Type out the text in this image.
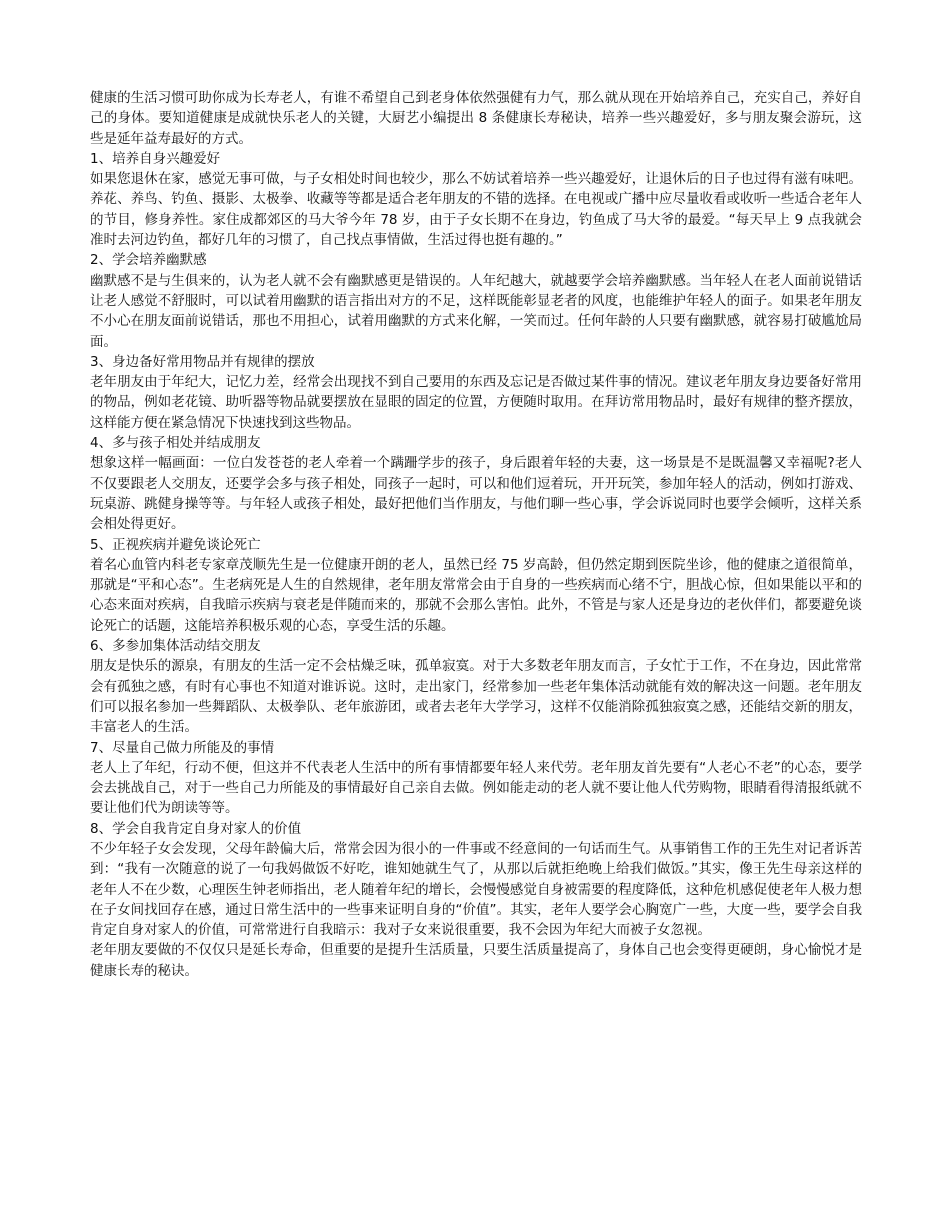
健康的生活习惯可助你成为长寿老人，有谁不希望自己到老身体依然强健有力气，那么就从现在开始培养自己，充实自己，养好自己的身体。要知道健康是成就快乐老人的关键，大厨艺小编提出 8 条健康长寿秘诀，培养一些兴趣爱好，多与朋友聚会游玩，这些是延年益寿最好的方式。

1、培养自身兴趣爱好

如果您退休在家，感觉无事可做，与子女相处时间也较少，那么不妨试着培养一些兴趣爱好，让退休后的日子也过得有滋有味吧。养花、养鸟、钓鱼、摄影、太极拳、收藏等等都是适合老年朋友的不错的选择。在电视或广播中应尽量收看或收听一些适合老年人的节目，修身养性。家住成都郊区的马大爷今年 78 岁，由于子女长期不在身边，钓鱼成了马大爷的最爱。“每天早上 9 点我就会准时去河边钓鱼，都好几年的习惯了，自己找点事情做，生活过得也挺有趣的。”

2、学会培养幽默感

幽默感不是与生俱来的，认为老人就不会有幽默感更是错误的。人年纪越大，就越要学会培养幽默感。当年轻人在老人面前说错话让老人感觉不舒服时，可以试着用幽默的语言指出对方的不足，这样既能彰显老者的风度，也能维护年轻人的面子。如果老年朋友不小心在朋友面前说错话，那也不用担心，试着用幽默的方式来化解，一笑而过。任何年龄的人只要有幽默感，就容易打破尴尬局面。

3、身边备好常用物品并有规律的摆放

老年朋友由于年纪大，记忆力差，经常会出现找不到自己要用的东西及忘记是否做过某件事的情况。建议老年朋友身边要备好常用的物品，例如老花镜、助听器等物品就要摆放在显眼的固定的位置，方便随时取用。在拜访常用物品时，最好有规律的整齐摆放，这样能方便在紧急情况下快速找到这些物品。

4、多与孩子相处并结成朋友

想象这样一幅画面：一位白发苍苍的老人牵着一个蹒跚学步的孩子，身后跟着年轻的夫妻，这一场景是不是既温馨又幸福呢?老人不仅要跟老人交朋友，还要学会多与孩子相处，同孩子一起时，可以和他们逗着玩，开开玩笑，参加年轻人的活动，例如打游戏、玩桌游、跳健身操等等。与年轻人或孩子相处，最好把他们当作朋友，与他们聊一些心事，学会诉说同时也要学会倾听，这样关系会相处得更好。

5、正视疾病并避免谈论死亡

着名心血管内科老专家章茂顺先生是一位健康开朗的老人，虽然已经 75 岁高龄，但仍然定期到医院坐诊，他的健康之道很简单，那就是“平和心态”。生老病死是人生的自然规律，老年朋友常常会由于自身的一些疾病而心绪不宁，胆战心惊，但如果能以平和的心态来面对疾病，自我暗示疾病与衰老是伴随而来的，那就不会那么害怕。此外，不管是与家人还是身边的老伙伴们，都要避免谈论死亡的话题，这能培养积极乐观的心态，享受生活的乐趣。

6、多参加集体活动结交朋友

朋友是快乐的源泉，有朋友的生活一定不会枯燥乏味，孤单寂寞。对于大多数老年朋友而言，子女忙于工作，不在身边，因此常常会有孤独之感，有时有心事也不知道对谁诉说。这时，走出家门，经常参加一些老年集体活动就能有效的解决这一问题。老年朋友们可以报名参加一些舞蹈队、太极拳队、老年旅游团，或者去老年大学学习，这样不仅能消除孤独寂寞之感，还能结交新的朋友，丰富老人的生活。

7、尽量自己做力所能及的事情

老人上了年纪，行动不便，但这并不代表老人生活中的所有事情都要年轻人来代劳。老年朋友首先要有“人老心不老”的心态，要学会去挑战自己，对于一些自己力所能及的事情最好自己亲自去做。例如能走动的老人就不要让他人代劳购物，眼睛看得清报纸就不要让他们代为朗读等等。

8、学会自我肯定自身对家人的价值

不少年轻子女会发现，父母年龄偏大后，常常会因为很小的一件事或不经意间的一句话而生气。从事销售工作的王先生对记者诉苦到：“我有一次随意的说了一句我妈做饭不好吃，谁知她就生气了，从那以后就拒绝晚上给我们做饭。”其实，像王先生母亲这样的老年人不在少数，心理医生钟老师指出，老人随着年纪的增长，会慢慢感觉自身被需要的程度降低，这种危机感促使老年人极力想在子女间找回存在感，通过日常生活中的一些事来证明自身的“价值”。其实，老年人要学会心胸宽广一些，大度一些，要学会自我肯定自身对家人的价值，可常常进行自我暗示：我对子女来说很重要，我不会因为年纪大而被子女忽视。

老年朋友要做的不仅仅只是延长寿命，但重要的是提升生活质量，只要生活质量提高了，身体自己也会变得更硬朗，身心愉悦才是健康长寿的秘诀。
